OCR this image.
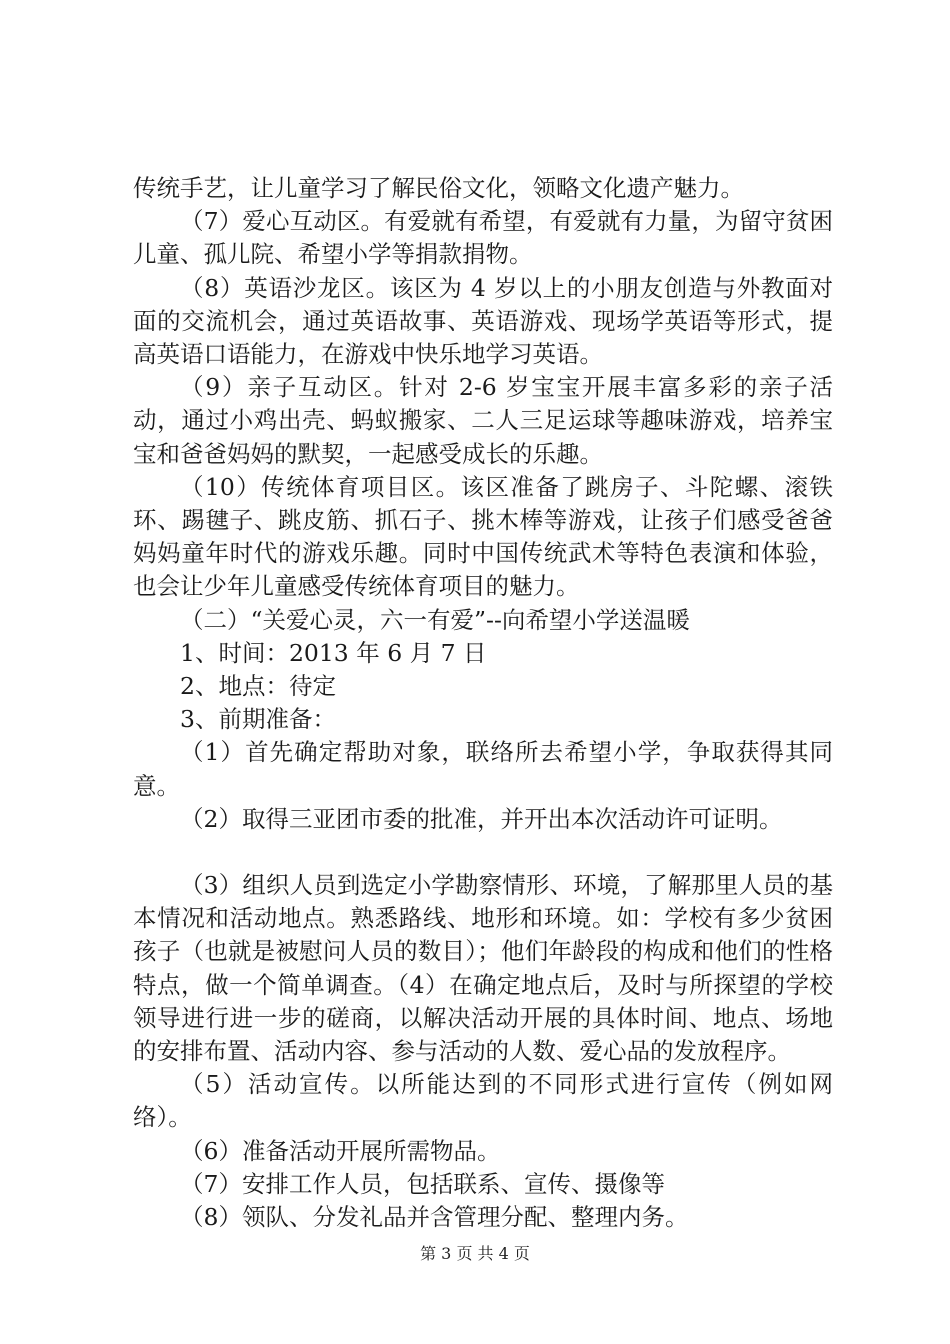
传统手艺，让儿童学习了解民俗文化，领略文化遗产魅力。

（7）爱心互动区。有爱就有希望，有爱就有力量，为留守贫困儿童、孤儿院、希望小学等捐款捐物。

（8）英语沙龙区。该区为 4 岁以上的小朋友创造与外教面对面的交流机会，通过英语故事、英语游戏、现场学英语等形式，提高英语口语能力，在游戏中快乐地学习英语。

（9）亲子互动区。针对 2-6 岁宝宝开展丰富多彩的亲子活动，通过小鸡出壳、蚂蚁搬家、二人三足运球等趣味游戏，培养宝宝和爸爸妈妈的默契，一起感受成长的乐趣。

（10）传统体育项目区。该区准备了跳房子、斗陀螺、滚铁环、踢毽子、跳皮筋、抓石子、挑木棒等游戏，让孩子们感受爸爸妈妈童年时代的游戏乐趣。同时中国传统武术等特色表演和体验，也会让少年儿童感受传统体育项目的魅力。

（二）“关爱心灵，六一有爱”--向希望小学送温暖

1、时间：2013 年 6 月 7 日

2、地点：待定

3、前期准备：

（1）首先确定帮助对象，联络所去希望小学，争取获得其同意。

（2）取得三亚团市委的批准，并开出本次活动许可证明。

（3）组织人员到选定小学勘察情形、环境，了解那里人员的基本情况和活动地点。熟悉路线、地形和环境。如：学校有多少贫困孩子（也就是被慰问人员的数目）；他们年龄段的构成和他们的性格特点，做一个简单调查。（4）在确定地点后，及时与所探望的学校领导进行进一步的磋商，以解决活动开展的具体时间、地点、场地的安排布置、活动内容、参与活动的人数、爱心品的发放程序。

（5）活动宣传。以所能达到的不同形式进行宣传（例如网络）。

（6）准备活动开展所需物品。

（7）安排工作人员，包括联系、宣传、摄像等

（8）领队、分发礼品并含管理分配、整理内务。

第 3 页 共 4 页
